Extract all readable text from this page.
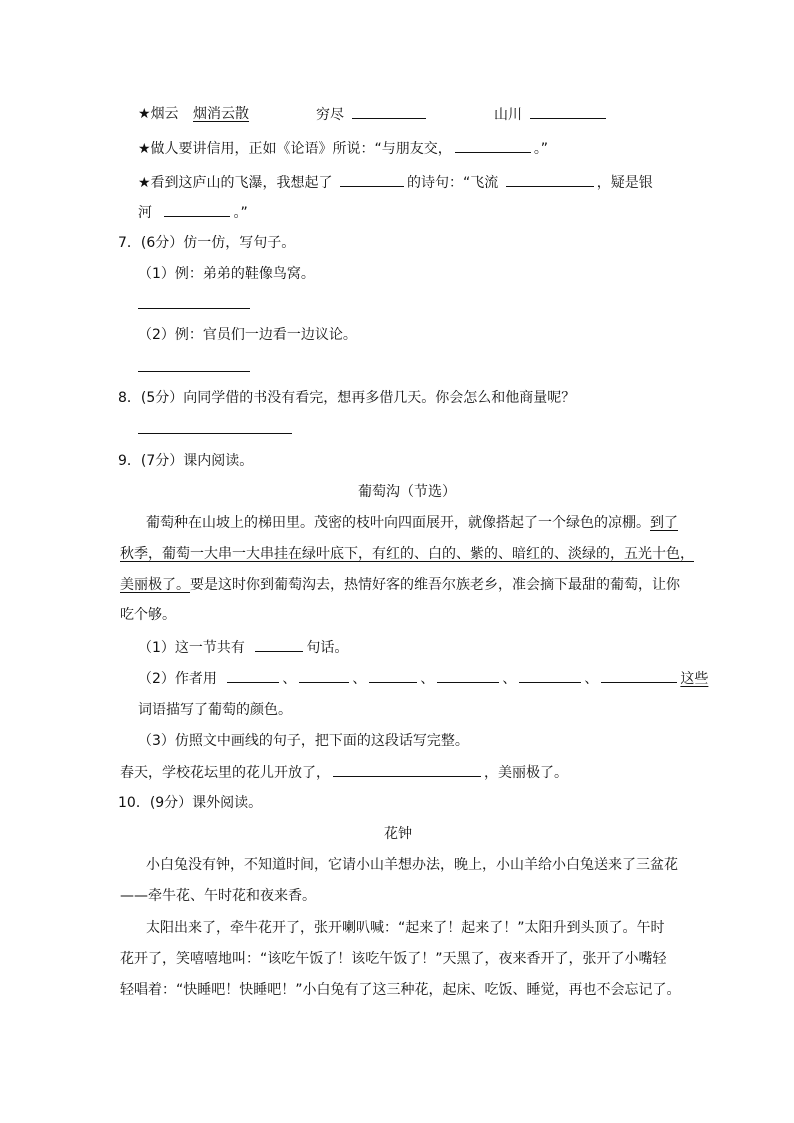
★烟云 烟消云散	穷尽	山川
★做人要讲信用，正如《论语》所说：“与朋友交，	。”
★看到这庐山的飞瀑，我想起了	的诗句：“飞流	，疑是银
河	。”
7．(6分）仿一仿，写句子。
（1）例：弟弟的鞋像鸟窝。
（2）例：官员们一边看一边议论。
8．(5分）向同学借的书没有看完，想再多借几天。你会怎么和他商量呢？
9．(7分）课内阅读。
葡萄沟（节选）
葡萄种在山坡上的梯田里。茂密的枝叶向四面展开，就像搭起了一个绿色的凉棚。到了
秋季，葡萄一大串一大串挂在绿叶底下，有红的、白的、紫的、暗红的、淡绿的，五光十色，
美丽极了。要是这时你到葡萄沟去，热情好客的维吾尔族老乡，准会摘下最甜的葡萄，让你
吃个够。
（1）这一节共有	句话。
（2）作者用	、	、	、	、	、	这些
词语描写了葡萄的颜色。
（3）仿照文中画线的句子，把下面的这段话写完整。
春天，学校花坛里的花儿开放了，	，美丽极了。
10．(9分）课外阅读。
花钟
小白兔没有钟，不知道时间，它请小山羊想办法，晚上，小山羊给小白兔送来了三盆花
——牵牛花、午时花和夜来香。
太阳出来了，牵牛花开了，张开喇叭喊：“起来了！起来了！”太阳升到头顶了。午时
花开了，笑嘻嘻地叫：“该吃午饭了！该吃午饭了！”天黑了，夜来香开了，张开了小嘴轻
轻唱着：“快睡吧！快睡吧！”小白兔有了这三种花，起床、吃饭、睡觉，再也不会忘记了。
